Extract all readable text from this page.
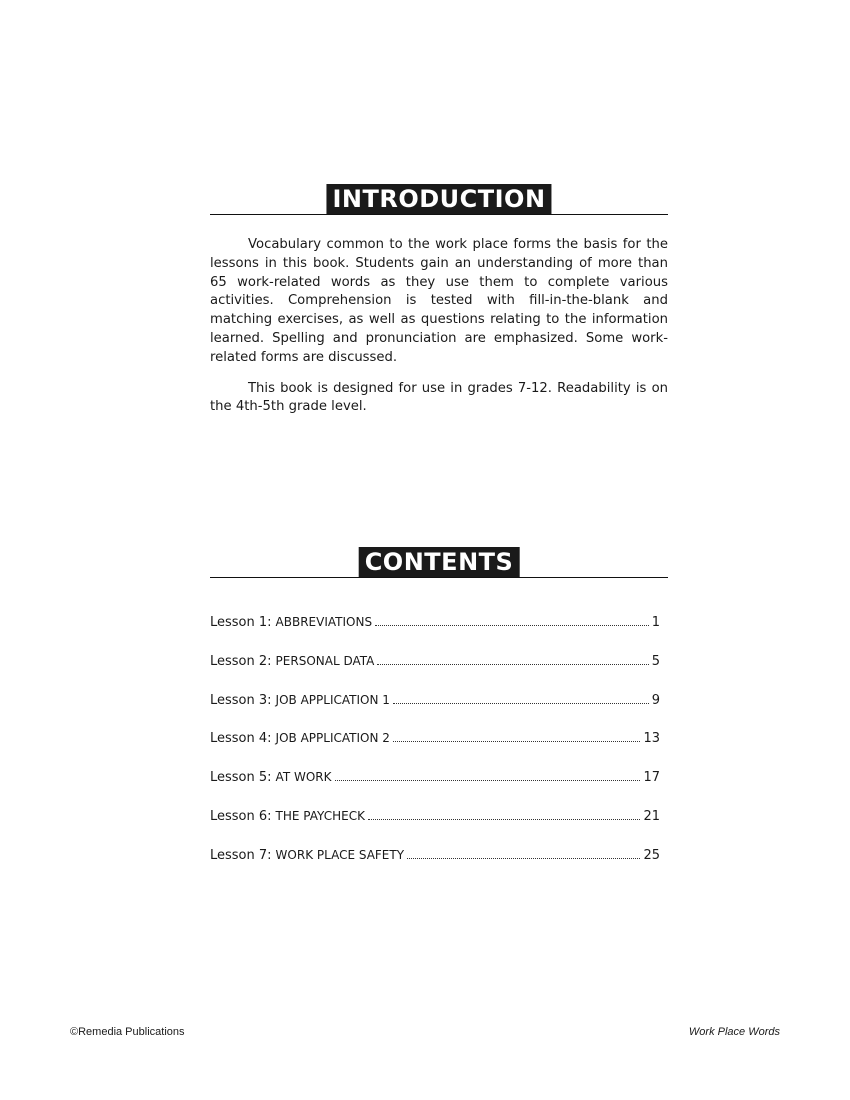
INTRODUCTION

Vocabulary common to the work place forms the basis for the lessons in this book. Students gain an understanding of more than 65 work-related words as they use them to complete various activities. Comprehension is tested with fill-in-the-blank and matching exercises, as well as questions relating to the information learned. Spelling and pronunciation are emphasized. Some work-related forms are discussed.

This book is designed for use in grades 7-12. Readability is on the 4th-5th grade level.

CONTENTS
Lesson 1: ABBREVIATIONS	1
Lesson 2: PERSONAL DATA	5
Lesson 3: JOB APPLICATION 1	9
Lesson 4: JOB APPLICATION 2	13
Lesson 5: AT WORK	17
Lesson 6: THE PAYCHECK	21
Lesson 7: WORK PLACE SAFETY	25
©Remedia Publications	Work Place Words
